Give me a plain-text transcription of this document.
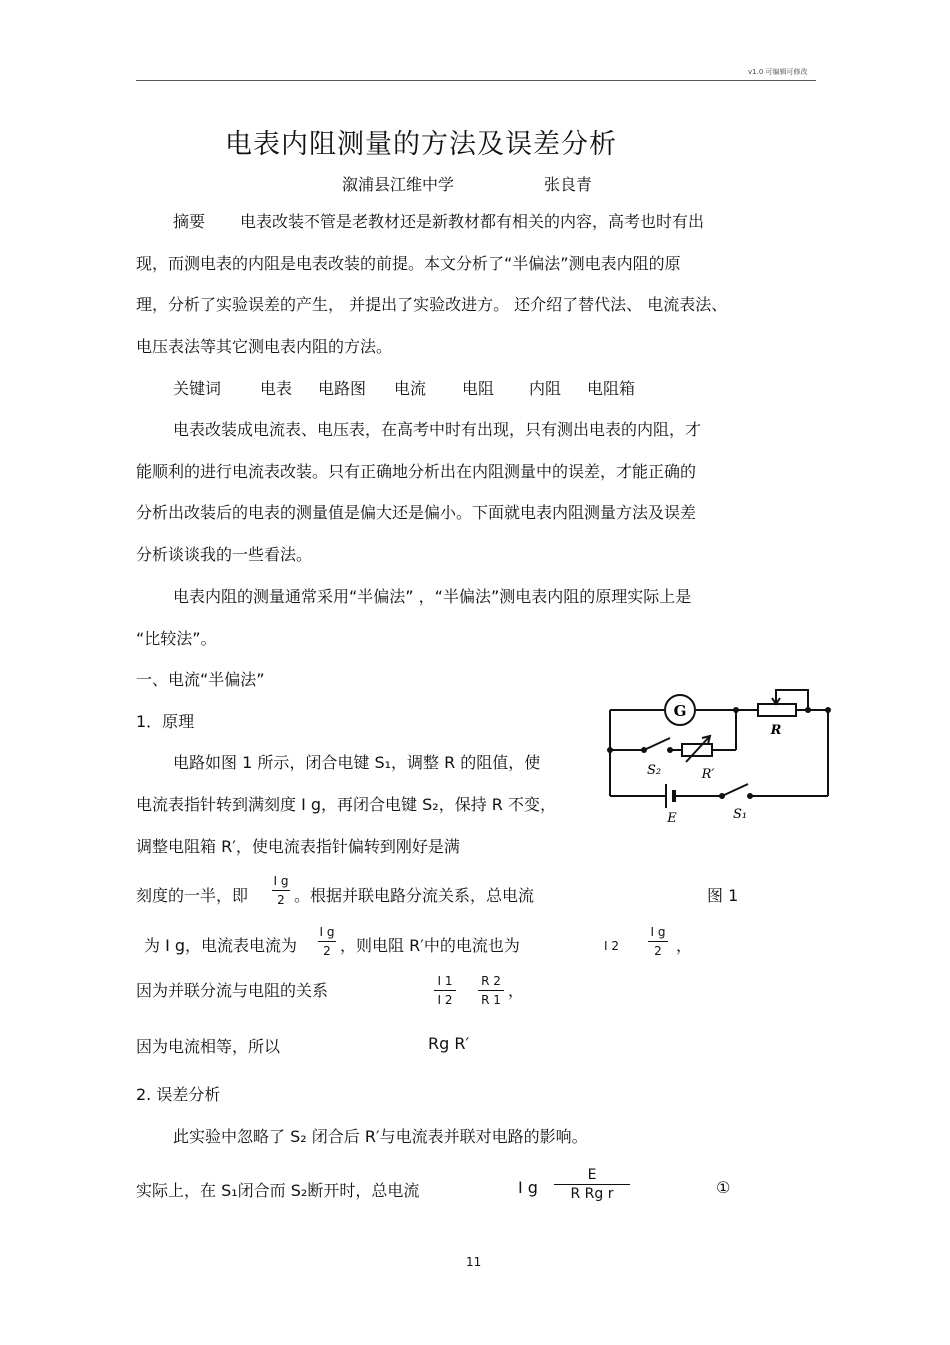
v1.0 可编辑可修改
电表内阻测量的方法及误差分析
溆浦县江维中学	张良青
摘要 电表改装不管是老教材还是新教材都有相关的内容，高考也时有出
现，而测电表的内阻是电表改装的前提。本文分析了“半偏法”测电表内阻的原
理，分析了实验误差的产生， 并提出了实验改进方。 还介绍了替代法、 电流表法、
电压表法等其它测电表内阻的方法。
关键词 电表 电路图 电流 电阻 内阻 电阻箱
电表改装成电流表、电压表，在高考中时有出现，只有测出电表的内阻，才
能顺利的进行电流表改装。只有正确地分析出在内阻测量中的误差，才能正确的
分析出改装后的电表的测量值是偏大还是偏小。下面就电表内阻测量方法及误差
分析谈谈我的一些看法。
电表内阻的测量通常采用“半偏法” ，“半偏法”测电表内阻的原理实际上是
“比较法”。
一、电流“半偏法”
1．原理
电路如图 1 所示，闭合电键 S₁，调整 R 的阻值，使
电流表指针转到满刻度 I g，再闭合电键 S₂，保持 R 不变，
调整电阻箱 R′，使电流表指针偏转到刚好是满
刻度的一半，即
I g
2 。根据并联电路分流关系，总电流	图 1
为 I g，电流表电流为
I g
2 ，则电阻 R′中的电流也为	I 2
I g
2 ，
因为并联分流与电阻的关系	I 1
I 2
R 2
R 1 ，
因为电流相等，所以	Rg R′
2. 误差分析
此实验中忽略了 S₂ 闭合后 R′与电流表并联对电路的影响。
实际上，在 S₁闭合而 S₂断开时，总电流	I g
E
R Rg r	①
G
R
R′
S₂
S₁
E
11
